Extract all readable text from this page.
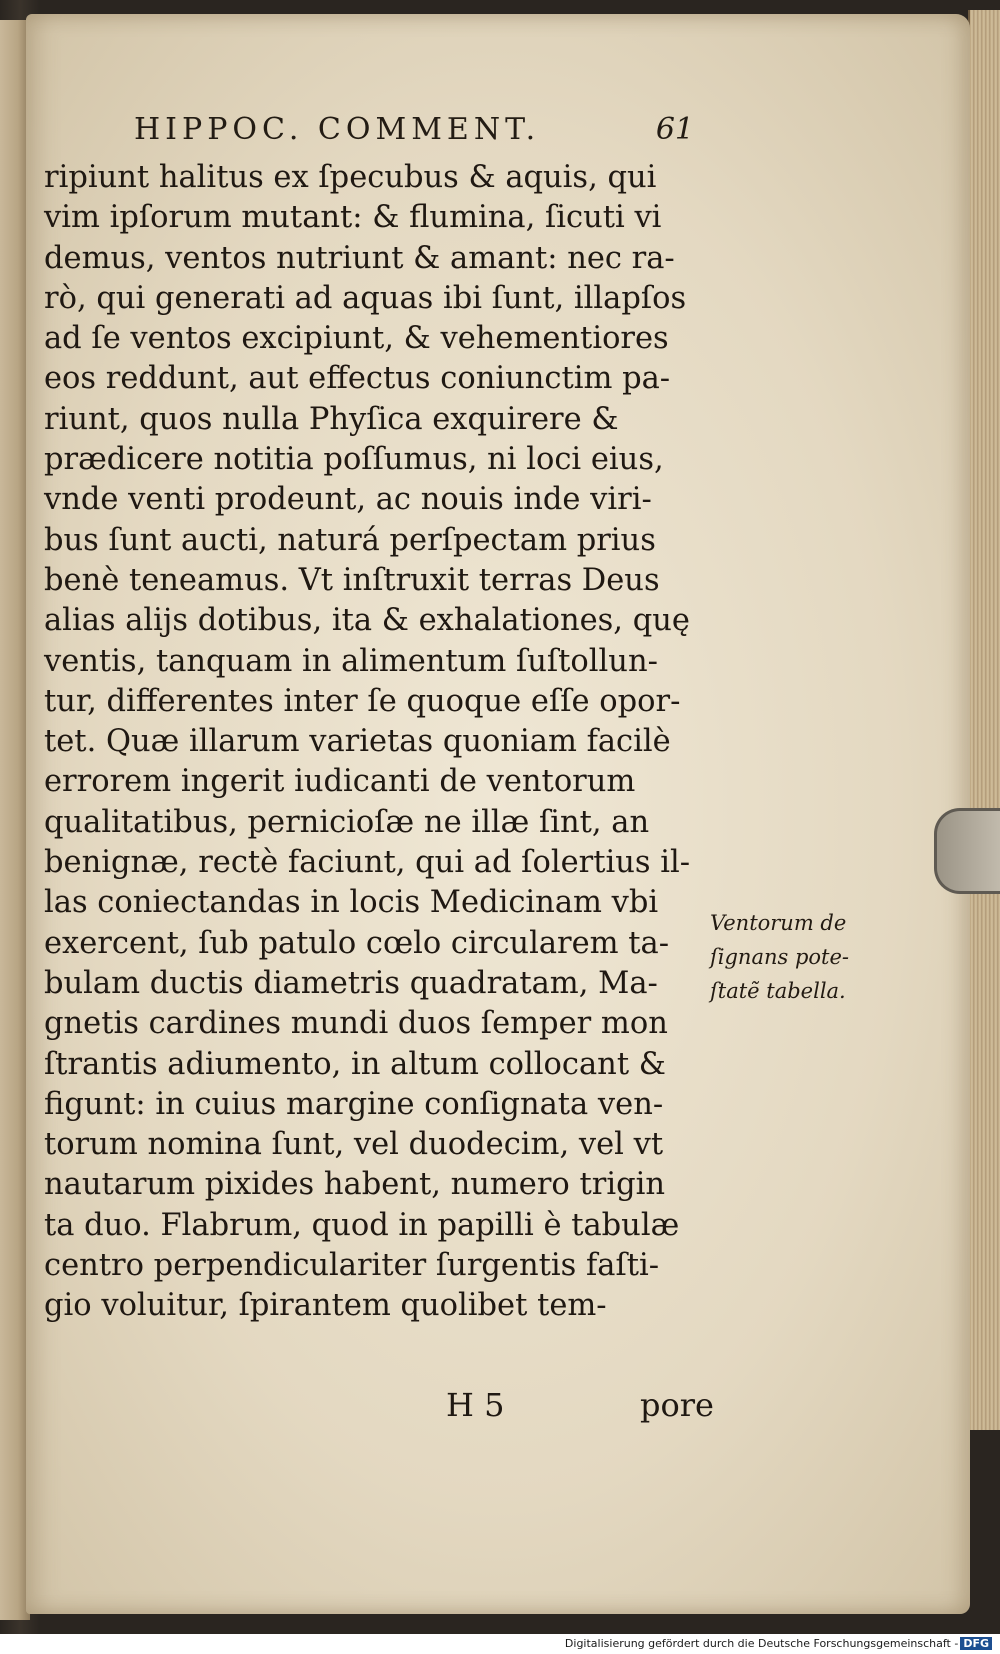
HIPPOC. COMMENT.	61
ripiunt halitus ex ſpecubus & aquis, qui
vim ipſorum mutant: & flumina, ſicuti vi
demus, ventos nutriunt & amant: nec ra-
rò, qui generati ad aquas ibi ſunt, illapſos
ad ſe ventos excipiunt, & vehementiores
eos reddunt, aut effectus coniunctim pa-
riunt, quos nulla Phyſica exquirere &
prædicere notitia poſſumus, ni loci eius,
vnde venti prodeunt, ac nouis inde viri-
bus ſunt aucti, naturá perſpectam prius
benè teneamus. Vt inſtruxit terras Deus
alias alijs dotibus, ita & exhalationes, quę
ventis, tanquam in alimentum ſuſtollun-
tur, differentes inter ſe quoque eſſe opor-
tet. Quæ illarum varietas quoniam facilè
errorem ingerit iudicanti de ventorum
qualitatibus, pernicioſæ ne illæ ſint, an
benignæ, rectè faciunt, qui ad ſolertius il-
las coniectandas in locis Medicinam vbi
exercent, ſub patulo cœlo circularem ta-
bulam ductis diametris quadratam, Ma-
gnetis cardines mundi duos ſemper mon
ſtrantis adiumento, in altum collocant &
figunt: in cuius margine conſignata ven-
torum nomina ſunt, vel duodecim, vel vt
nautarum pixides habent, numero trigin
ta duo. Flabrum, quod in papilli è tabulæ
centro perpendiculariter ſurgentis faſti-
gio voluitur, ſpirantem quolibet tem-
Ventorum de
ſignans pote-
ſtatẽ tabella.
H 5	pore
Digitalisierung gefördert durch die Deutsche Forschungsgemeinschaft - DFG
